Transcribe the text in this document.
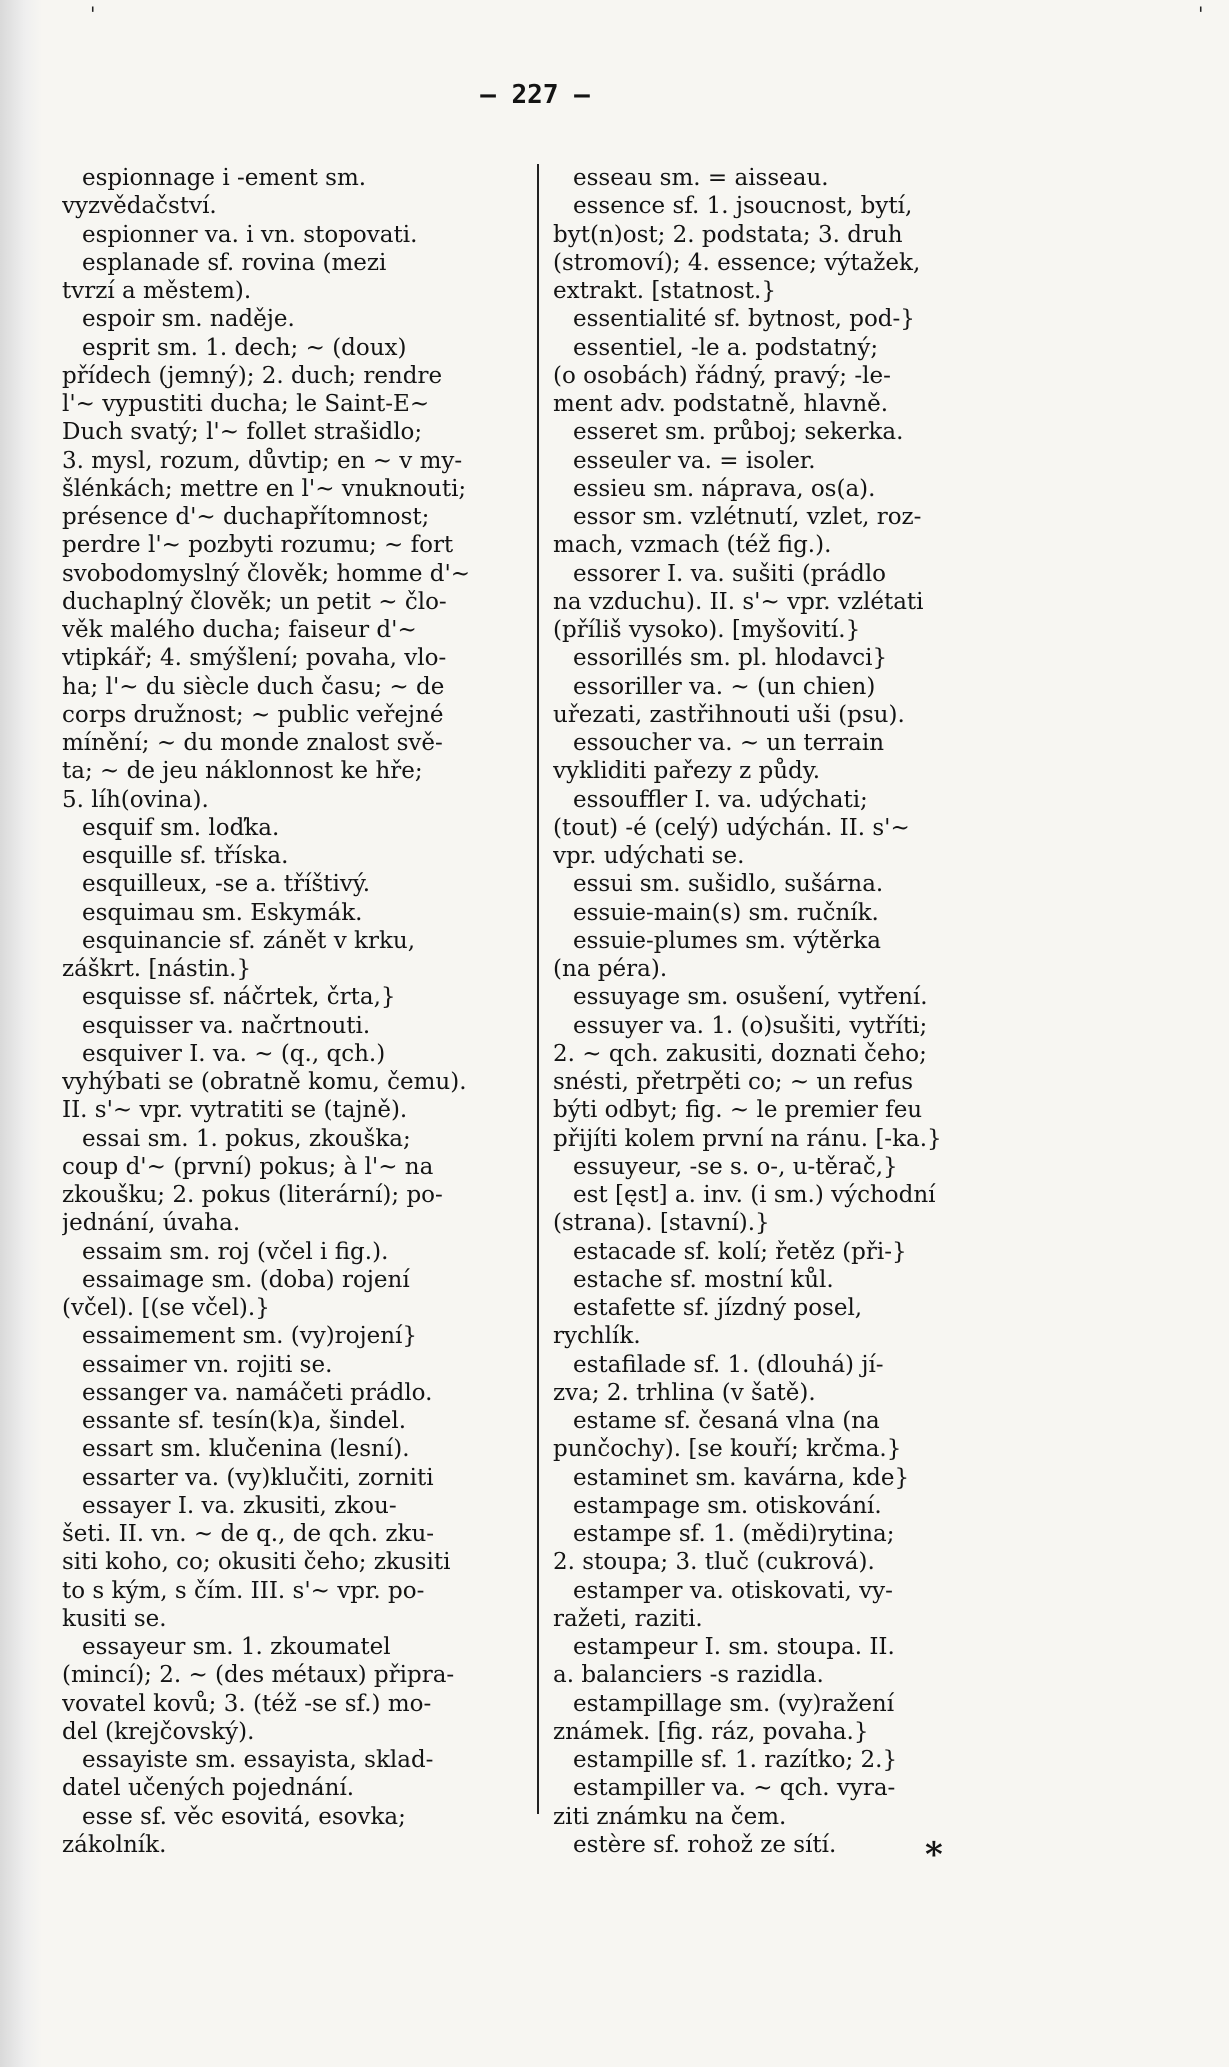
'	'
— 227 —
espionnage i -ement sm.
vyzvědačství.
espionner va. i vn. stopovati.
esplanade sf. rovina (mezi
tvrzí a městem).
espoir sm. naděje.
esprit sm. 1. dech; ~ (doux)
přídech (jemný); 2. duch; rendre
l'~ vypustiti ducha; le Saint-E~
Duch svatý; l'~ follet strašidlo;
3. mysl, rozum, důvtip; en ~ v my-
šlénkách; mettre en l'~ vnuknouti;
présence d'~ duchapřítomnost;
perdre l'~ pozbyti rozumu; ~ fort
svobodomyslný člověk; homme d'~
duchaplný člověk; un petit ~ člo-
věk malého ducha; faiseur d'~
vtipkář; 4. smýšlení; povaha, vlo-
ha; l'~ du siècle duch času; ~ de
corps družnost; ~ public veřejné
mínění; ~ du monde znalost svě-
ta; ~ de jeu náklonnost ke hře;
5. líh(ovina).
esquif sm. loďka.
esquille sf. tříska.
esquilleux, -se a. tříštivý.
esquimau sm. Eskymák.
esquinancie sf. zánět v krku,
záškrt. [nástin.}
esquisse sf. náčrtek, črta,}
esquisser va. načrtnouti.
esquiver I. va. ~ (q., qch.)
vyhýbati se (obratně komu, čemu).
II. s'~ vpr. vytratiti se (tajně).
essai sm. 1. pokus, zkouška;
coup d'~ (první) pokus; à l'~ na
zkoušku; 2. pokus (literární); po-
jednání, úvaha.
essaim sm. roj (včel i fig.).
essaimage sm. (doba) rojení
(včel). [(se včel).}
essaimement sm. (vy)rojení}
essaimer vn. rojiti se.
essanger va. namáčeti prádlo.
essante sf. tesín(k)a, šindel.
essart sm. klučenina (lesní).
essarter va. (vy)klučiti, zorniti
essayer I. va. zkusiti, zkou-
šeti. II. vn. ~ de q., de qch. zku-
siti koho, co; okusiti čeho; zkusiti
to s kým, s čím. III. s'~ vpr. po-
kusiti se.
essayeur sm. 1. zkoumatel
(mincí); 2. ~ (des métaux) připra-
vovatel kovů; 3. (též -se sf.) mo-
del (krejčovský).
essayiste sm. essayista, sklad-
datel učených pojednání.
esse sf. věc esovitá, esovka;
zákolník.
esseau sm. = aisseau.
essence sf. 1. jsoucnost, bytí,
byt(n)ost; 2. podstata; 3. druh
(stromoví); 4. essence; výtažek,
extrakt. [statnost.}
essentialité sf. bytnost, pod-}
essentiel, -le a. podstatný;
(o osobách) řádný, pravý; -le-
ment adv. podstatně, hlavně.
esseret sm. průboj; sekerka.
esseuler va. = isoler.
essieu sm. náprava, os(a).
essor sm. vzlétnutí, vzlet, roz-
mach, vzmach (též fig.).
essorer I. va. sušiti (prádlo
na vzduchu). II. s'~ vpr. vzlétati
(příliš vysoko). [myšovití.}
essorillés sm. pl. hlodavci}
essoriller va. ~ (un chien)
uřezati, zastřihnouti uši (psu).
essoucher va. ~ un terrain
vykliditi pařezy z půdy.
essouffler I. va. udýchati;
(tout) -é (celý) udýchán. II. s'~
vpr. udýchati se.
essui sm. sušidlo, sušárna.
essuie-main(s) sm. ručník.
essuie-plumes sm. výtěrka
(na péra).
essuyage sm. osušení, vytření.
essuyer va. 1. (o)sušiti, vytříti;
2. ~ qch. zakusiti, doznati čeho;
snésti, přetrpěti co; ~ un refus
býti odbyt; fig. ~ le premier feu
přijíti kolem první na ránu. [-ka.}
essuyeur, -se s. o-, u-těrač,}
est [ęst] a. inv. (i sm.) východní
(strana). [stavní).}
estacade sf. kolí; řetěz (při-}
estache sf. mostní kůl.
estafette sf. jízdný posel,
rychlík.
estafilade sf. 1. (dlouhá) jí-
zva; 2. trhlina (v šatě).
estame sf. česaná vlna (na
punčochy). [se kouří; krčma.}
estaminet sm. kavárna, kde}
estampage sm. otiskování.
estampe sf. 1. (mědi)rytina;
2. stoupa; 3. tluč (cukrová).
estamper va. otiskovati, vy-
ražeti, raziti.
estampeur I. sm. stoupa. II.
a. balanciers -s razidla.
estampillage sm. (vy)ražení
známek. [fig. ráz, povaha.}
estampille sf. 1. razítko; 2.}
estampiller va. ~ qch. vyra-
ziti známku na čem.
estère sf. rohož ze sítí.	*
